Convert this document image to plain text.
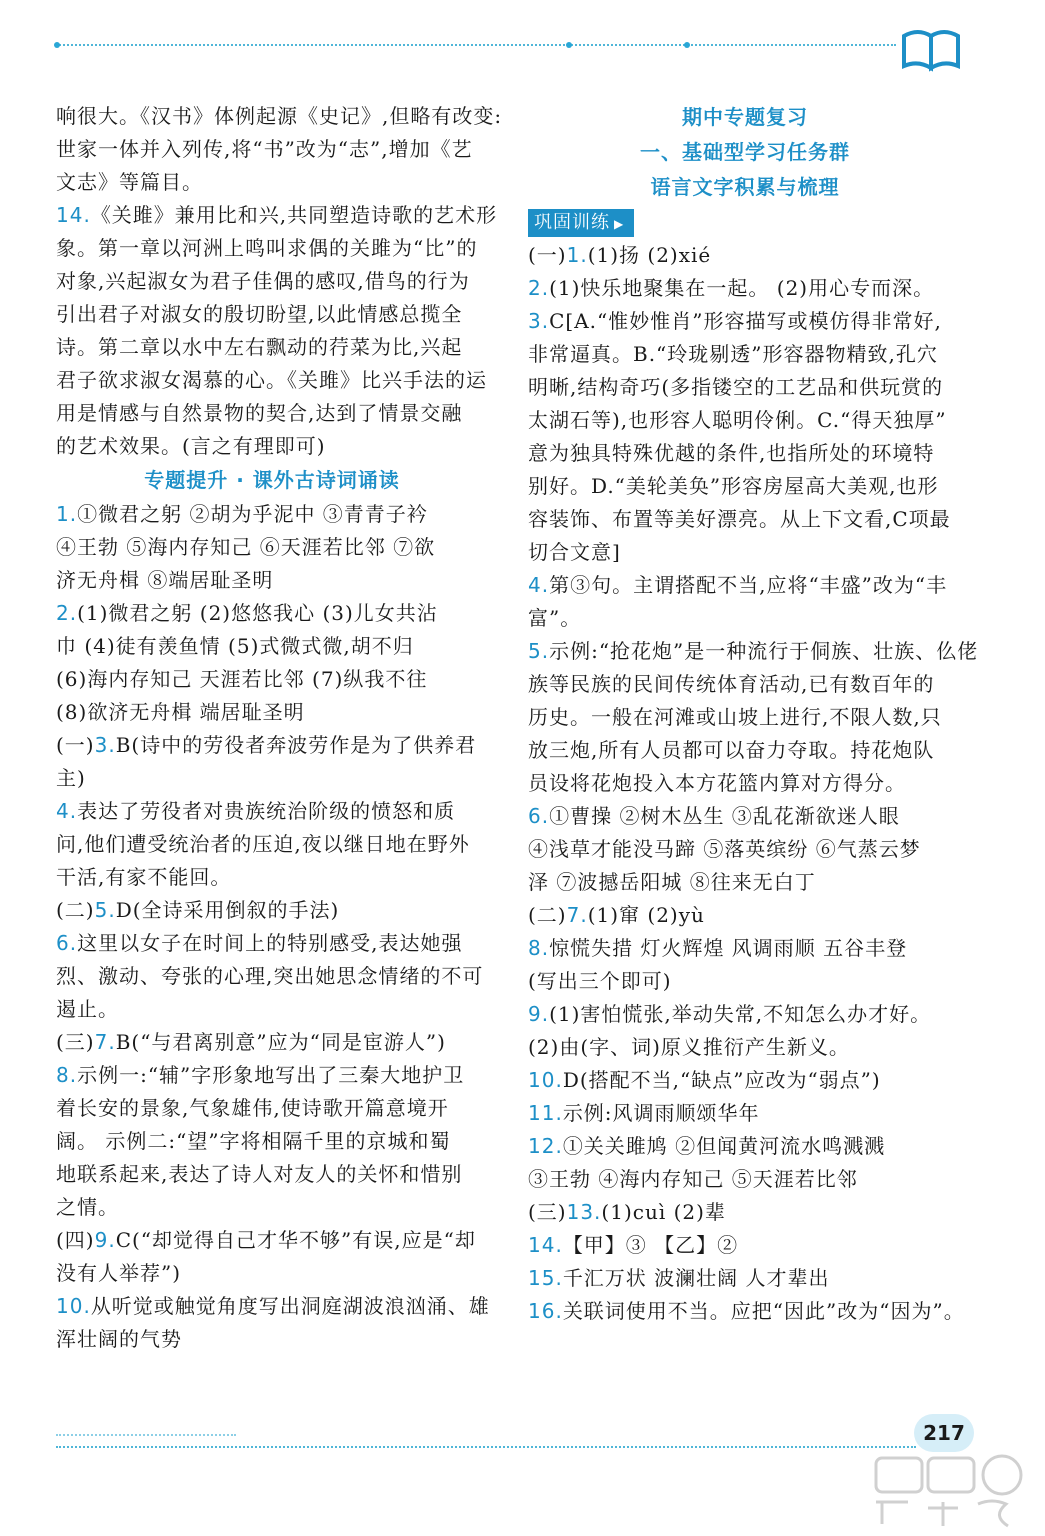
响很大。《汉书》体例起源《史记》,但略有改变:
世家一体并入列传,将“书”改为“志”,增加《艺
文志》等篇目。
14.《关雎》兼用比和兴,共同塑造诗歌的艺术形
象。第一章以河洲上鸣叫求偶的关雎为“比”的
对象,兴起淑女为君子佳偶的感叹,借鸟的行为
引出君子对淑女的殷切盼望,以此情感总揽全
诗。第二章以水中左右飘动的荇菜为比,兴起
君子欲求淑女渴慕的心。《关雎》比兴手法的运
用是情感与自然景物的契合,达到了情景交融
的艺术效果。(言之有理即可)
专题提升 · 课外古诗词诵读
1.①微君之躬 ②胡为乎泥中 ③青青子衿
④王勃 ⑤海内存知己 ⑥天涯若比邻 ⑦欲
济无舟楫 ⑧端居耻圣明
2.(1)微君之躬 (2)悠悠我心 (3)儿女共沾
巾 (4)徒有羡鱼情 (5)式微式微,胡不归
(6)海内存知己 天涯若比邻 (7)纵我不往
(8)欲济无舟楫 端居耻圣明
(一)3.B(诗中的劳役者奔波劳作是为了供养君
主)
4.表达了劳役者对贵族统治阶级的愤怒和质
问,他们遭受统治者的压迫,夜以继日地在野外
干活,有家不能回。
(二)5.D(全诗采用倒叙的手法)
6.这里以女子在时间上的特别感受,表达她强
烈、激动、夸张的心理,突出她思念情绪的不可
遏止。
(三)7.B(“与君离别意”应为“同是宦游人”)
8.示例一:“辅”字形象地写出了三秦大地护卫
着长安的景象,气象雄伟,使诗歌开篇意境开
阔。 示例二:“望”字将相隔千里的京城和蜀
地联系起来,表达了诗人对友人的关怀和惜别
之情。
(四)9.C(“却觉得自己才华不够”有误,应是“却
没有人举荐”)
10.从听觉或触觉角度写出洞庭湖波浪汹涌、雄
浑壮阔的气势
期中专题复习
一、基础型学习任务群
语言文字积累与梳理
巩固训练 ▶
(一)1.(1)扬 (2)xié
2.(1)快乐地聚集在一起。 (2)用心专而深。
3.C[A.“惟妙惟肖”形容描写或模仿得非常好,
非常逼真。B.“玲珑剔透”形容器物精致,孔穴
明晰,结构奇巧(多指镂空的工艺品和供玩赏的
太湖石等),也形容人聪明伶俐。C.“得天独厚”
意为独具特殊优越的条件,也指所处的环境特
别好。D.“美轮美奂”形容房屋高大美观,也形
容装饰、布置等美好漂亮。从上下文看,C项最
切合文意]
4.第③句。主谓搭配不当,应将“丰盛”改为“丰
富”。
5.示例:“抢花炮”是一种流行于侗族、壮族、仫佬
族等民族的民间传统体育活动,已有数百年的
历史。一般在河滩或山坡上进行,不限人数,只
放三炮,所有人员都可以奋力夺取。持花炮队
员设将花炮投入本方花篮内算对方得分。
6.①曹操 ②树木丛生 ③乱花渐欲迷人眼
④浅草才能没马蹄 ⑤落英缤纷 ⑥气蒸云梦
泽 ⑦波撼岳阳城 ⑧往来无白丁
(二)7.(1)窜 (2)yù
8.惊慌失措 灯火辉煌 风调雨顺 五谷丰登
(写出三个即可)
9.(1)害怕慌张,举动失常,不知怎么办才好。
(2)由(字、词)原义推衍产生新义。
10.D(搭配不当,“缺点”应改为“弱点”)
11.示例:风调雨顺颂华年
12.①关关雎鸠 ②但闻黄河流水鸣溅溅
③王勃 ④海内存知己 ⑤天涯若比邻
(三)13.(1)cuì (2)辈
14.【甲】③ 【乙】②
15.千汇万状 波澜壮阔 人才辈出
16.关联词使用不当。应把“因此”改为“因为”。
217
